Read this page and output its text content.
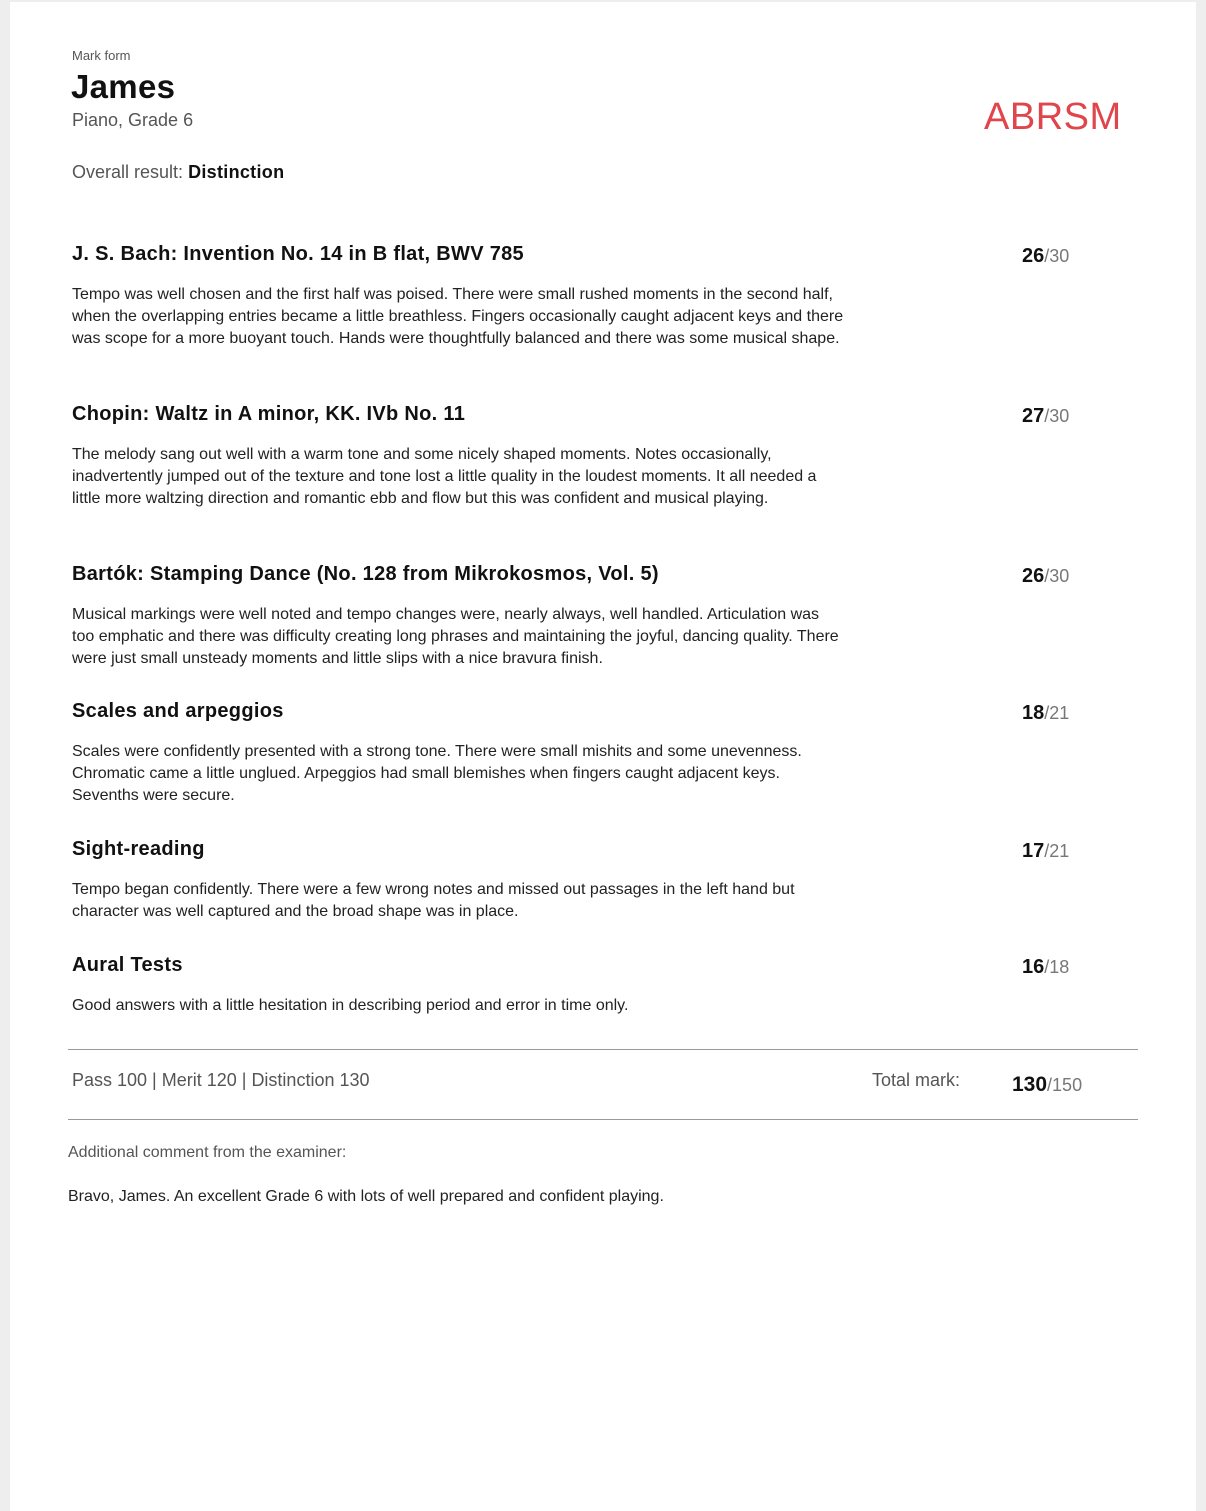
Mark form
James
Piano, Grade 6
Overall result: Distinction
ABRSM
J. S. Bach: Invention No. 14 in B flat, BWV 785
Tempo was well chosen and the first half was poised. There were small rushed moments in the second half, when the overlapping entries became a little breathless. Fingers occasionally caught adjacent keys and there was scope for a more buoyant touch. Hands were thoughtfully balanced and there was some musical shape.
26/30
Chopin: Waltz in A minor, KK. IVb No. 11
The melody sang out well with a warm tone and some nicely shaped moments. Notes occasionally, inadvertently jumped out of the texture and tone lost a little quality in the loudest moments. It all needed a little more waltzing direction and romantic ebb and flow but this was confident and musical playing.
27/30
Bartók: Stamping Dance (No. 128 from Mikrokosmos, Vol. 5)
Musical markings were well noted and tempo changes were, nearly always, well handled. Articulation was too emphatic and there was difficulty creating long phrases and maintaining the joyful, dancing quality. There were just small unsteady moments and little slips with a nice bravura finish.
26/30
Scales and arpeggios
Scales were confidently presented with a strong tone. There were small mishits and some unevenness. Chromatic came a little unglued. Arpeggios had small blemishes when fingers caught adjacent keys. Sevenths were secure.
18/21
Sight-reading
Tempo began confidently. There were a few wrong notes and missed out passages in the left hand but character was well captured and the broad shape was in place.
17/21
Aural Tests
Good answers with a little hesitation in describing period and error in time only.
16/18
Pass 100 | Merit 120 | Distinction 130	Total mark: 130/150
Additional comment from the examiner:
Bravo, James. An excellent Grade 6 with lots of well prepared and confident playing.
